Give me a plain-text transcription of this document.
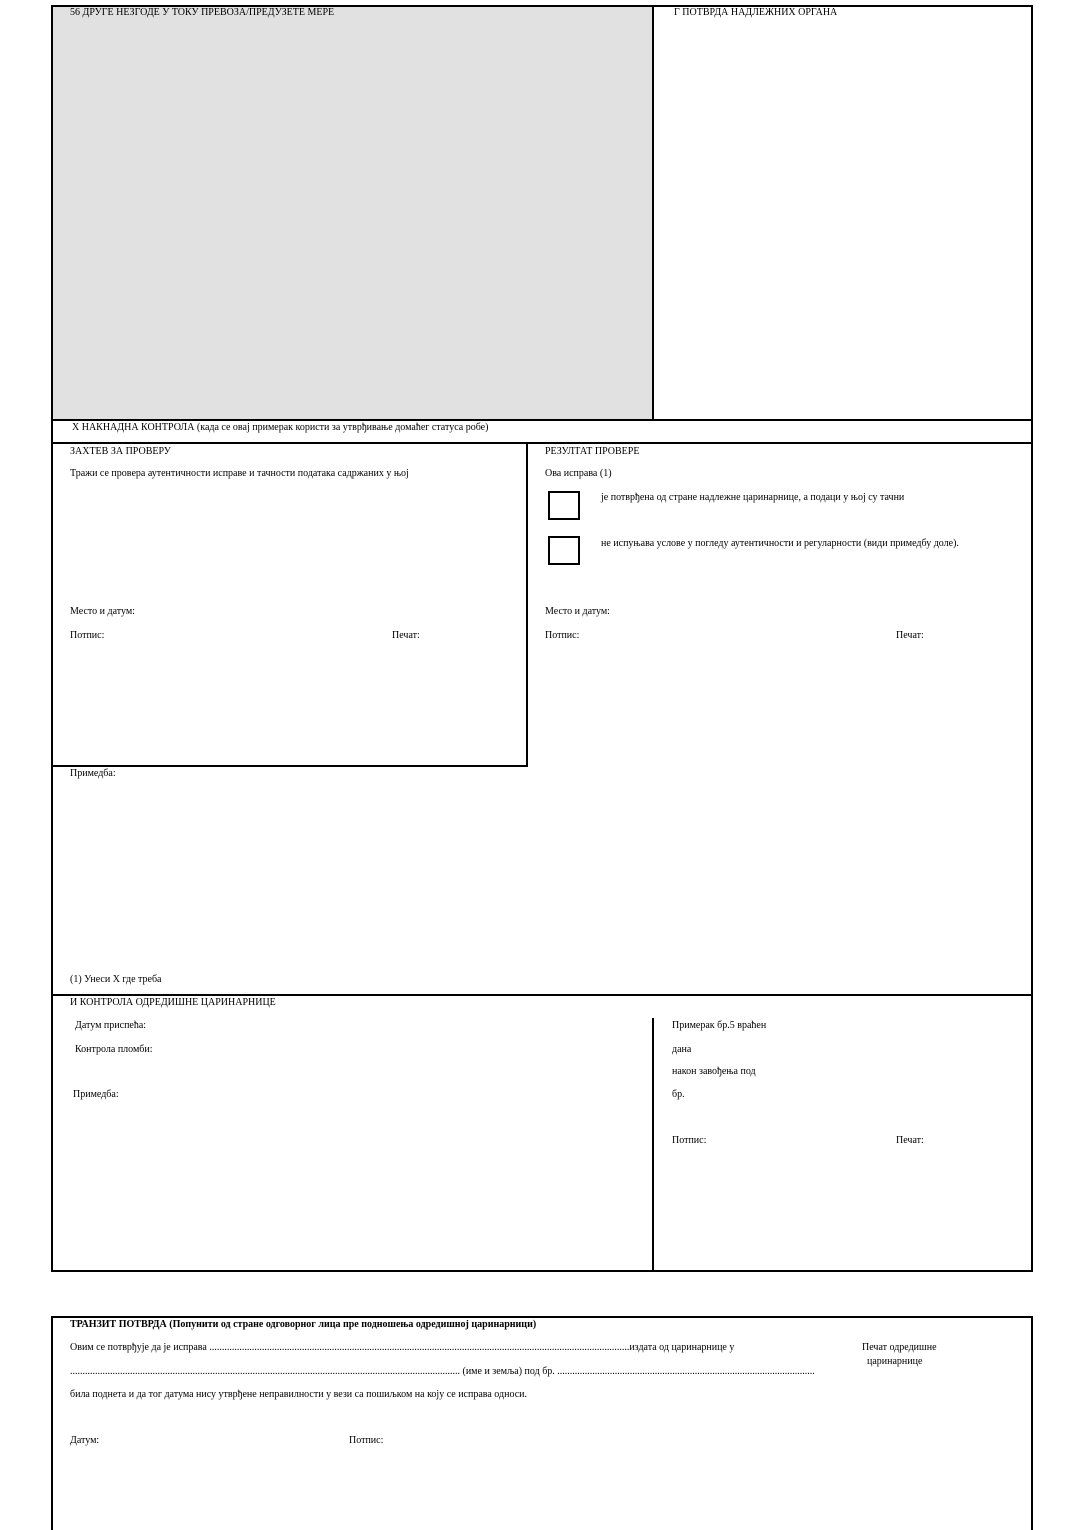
56 ДРУГЕ НЕЗГОДЕ У ТОКУ ПРЕВОЗА/ПРЕДУЗЕТЕ МЕРЕ	Г ПОТВРДА НАДЛЕЖНИХ ОРГАНА
Х НАКНАДНА КОНТРОЛА (када се овај примерак користи за утврђивање домаћег статуса робе)
ЗАХТЕВ ЗА ПРОВЕРУ
Тражи се провера аутентичности исправе и тачности података садржаних у њој
Место и датум:
Потпис:	Печат:
РЕЗУЛТАТ ПРОВЕРЕ
Ова исправа (1)
је потврђена од стране надлежне царинарнице, а подаци у њој су тачни
не испуњава услове у погледу аутентичности и регуларности (види примедбу доле).
Место и датум:
Потпис:	Печат:
Примедба:
(1) Унеси X где треба
И КОНТРОЛА ОДРЕДИШНЕ ЦАРИНАРНИЦЕ
Датум приспећа:
Контрола пломби:
Примедба:
Примерак бр.5 враћен
дана
након завођења под
бр.
Потпис:	Печат:
ТРАНЗИТ ПОТВРДА (Попунити од стране одговорног лица пре подношења одредишној царинарници)
Овим се потврђује да је исправа ........................................................................................................................................................................издата од царинарнице у
............................................................................................................................................................ (име и земља) под бр. .......................................................................................................
била поднета и да тог датума нису утврђене неправилности у вези са пошиљком на коју се исправа односи.
Печат одредишне
царинарнице
Датум:	Потпис:
